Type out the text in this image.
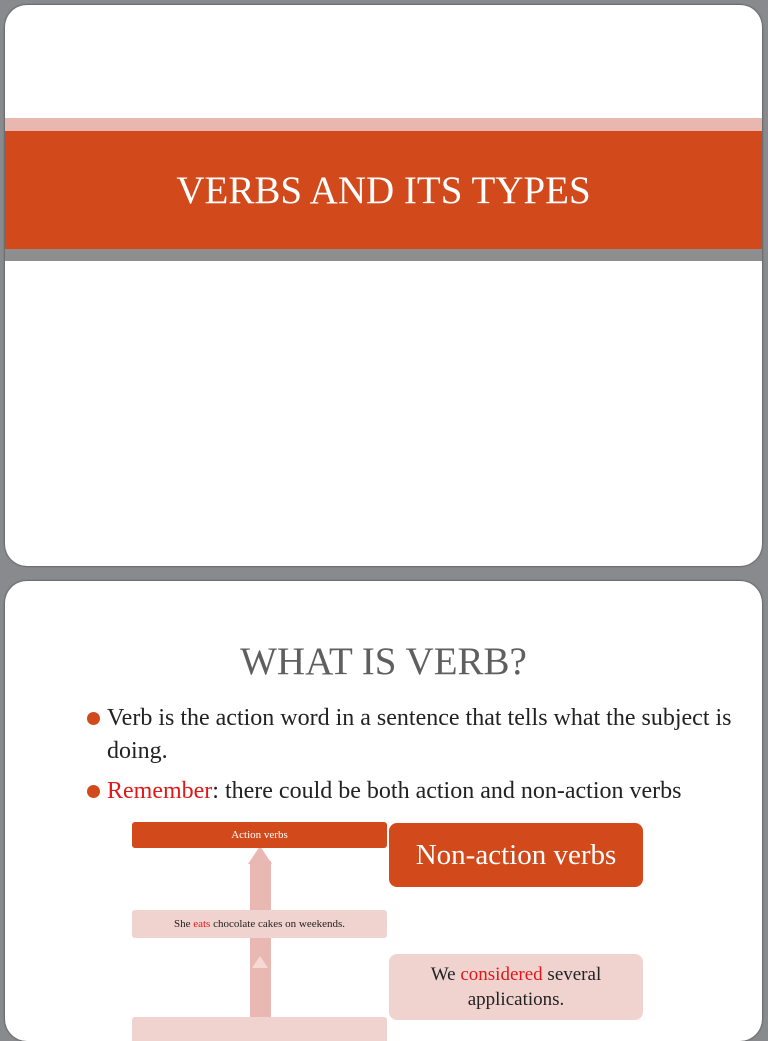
VERBS AND ITS TYPES
WHAT IS VERB?
Verb is the action word in a sentence that tells what the subject is doing.
Remember: there could be both action and non-action verbs
Action verbs
She eats chocolate cakes on weekends.
Non-action verbs
We considered several applications.
